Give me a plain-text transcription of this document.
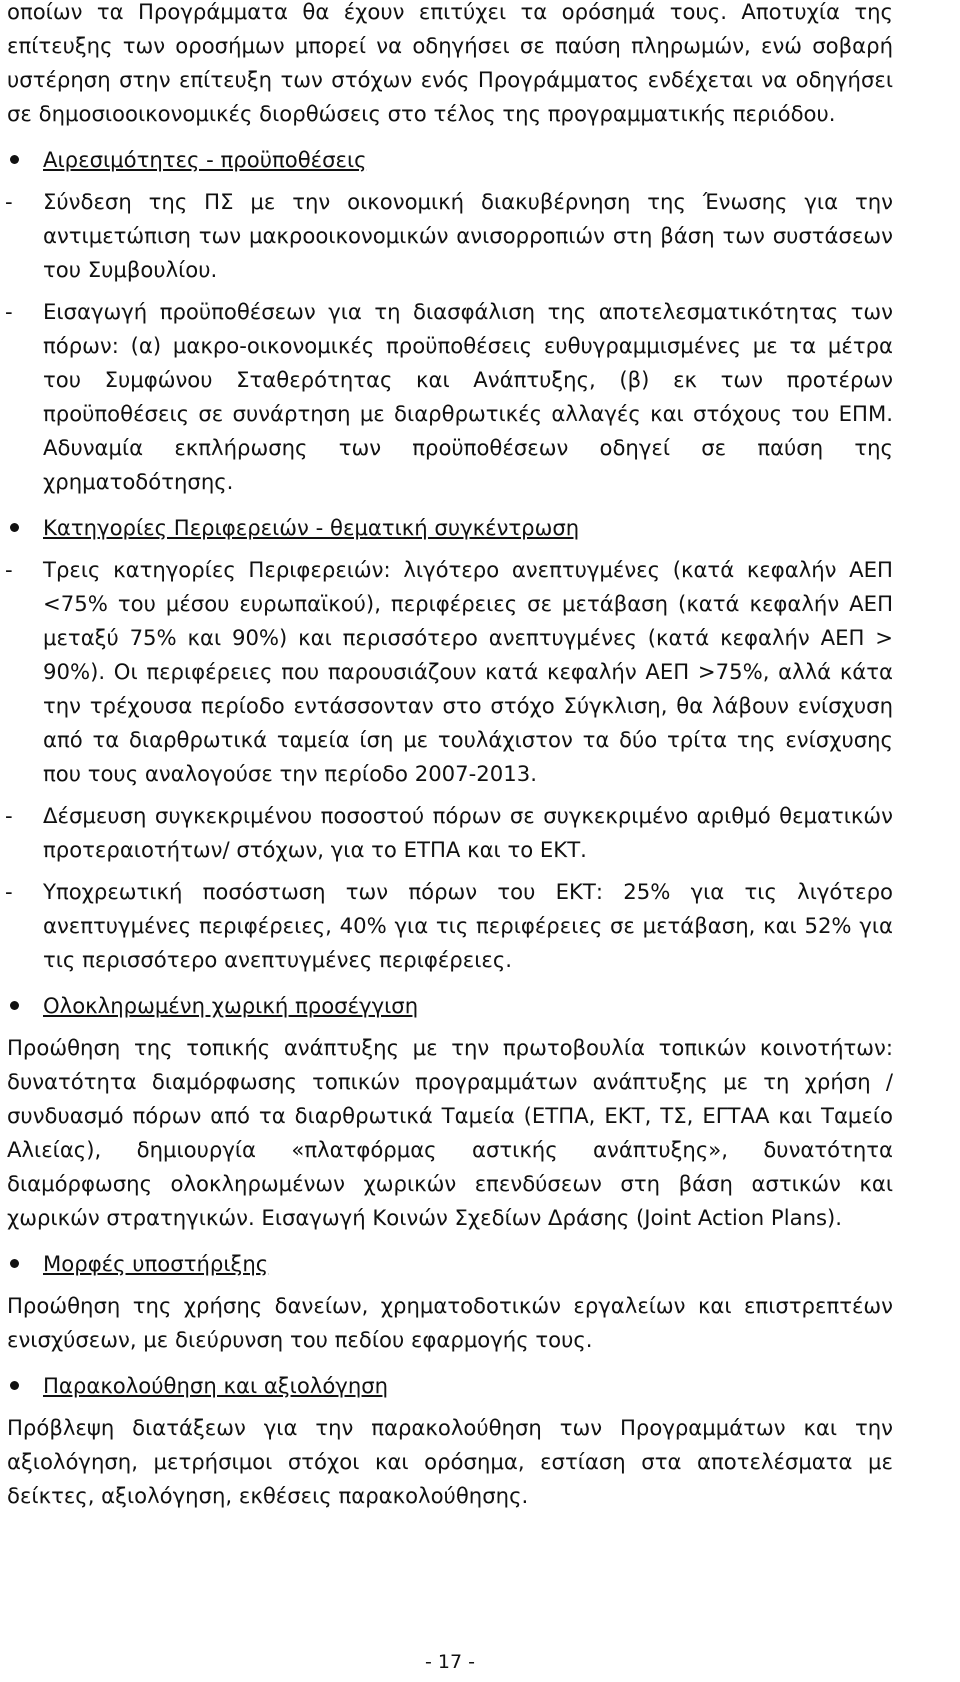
οποίων τα Προγράμματα θα έχουν επιτύχει τα ορόσημά τους. Αποτυχία της επίτευξης των οροσήμων μπορεί να οδηγήσει σε παύση πληρωμών, ενώ σοβαρή υστέρηση στην επίτευξη των στόχων ενός Προγράμματος ενδέχεται να οδηγήσει σε δημοσιοοικονομικές διορθώσεις στο τέλος της προγραμματικής περιόδου.
Αιρεσιμότητες - προϋποθέσεις
- Σύνδεση της ΠΣ με την οικονομική διακυβέρνηση της Ένωσης για την αντιμετώπιση των μακροοικονομικών ανισορροπιών στη βάση των συστάσεων του Συμβουλίου.
- Εισαγωγή προϋποθέσεων για τη διασφάλιση της αποτελεσματικότητας των πόρων: (α) μακρο-οικονομικές προϋποθέσεις ευθυγραμμισμένες με τα μέτρα του Συμφώνου Σταθερότητας και Ανάπτυξης, (β) εκ των προτέρων προϋποθέσεις σε συνάρτηση με διαρθρωτικές αλλαγές και στόχους του ΕΠΜ. Αδυναμία εκπλήρωσης των προϋποθέσεων οδηγεί σε παύση της χρηματοδότησης.
Κατηγορίες Περιφερειών - θεματική συγκέντρωση
- Τρεις κατηγορίες Περιφερειών: λιγότερο ανεπτυγμένες (κατά κεφαλήν ΑΕΠ <75% του μέσου ευρωπαϊκού), περιφέρειες σε μετάβαση (κατά κεφαλήν ΑΕΠ μεταξύ 75% και 90%) και περισσότερο ανεπτυγμένες (κατά κεφαλήν ΑΕΠ > 90%). Οι περιφέρειες που παρουσιάζουν κατά κεφαλήν ΑΕΠ >75%, αλλά κάτα την τρέχουσα περίοδο εντάσσονταν στο στόχο Σύγκλιση, θα λάβουν ενίσχυση από τα διαρθρωτικά ταμεία ίση με τουλάχιστον τα δύο τρίτα της ενίσχυσης που τους αναλογούσε την περίοδο 2007-2013.
- Δέσμευση συγκεκριμένου ποσοστού πόρων σε συγκεκριμένο αριθμό θεματικών προτεραιοτήτων/ στόχων, για το ΕΤΠΑ και το ΕΚΤ.
- Υποχρεωτική ποσόστωση των πόρων του ΕΚΤ: 25% για τις λιγότερο ανεπτυγμένες περιφέρειες, 40% για τις περιφέρειες σε μετάβαση, και 52% για τις περισσότερο ανεπτυγμένες περιφέρειες.
Ολοκληρωμένη χωρική προσέγγιση
Προώθηση της τοπικής ανάπτυξης με την πρωτοβουλία τοπικών κοινοτήτων: δυνατότητα διαμόρφωσης τοπικών προγραμμάτων ανάπτυξης με τη χρήση /συνδυασμό πόρων από τα διαρθρωτικά Ταμεία (ΕΤΠΑ, ΕΚΤ, ΤΣ, ΕΓΤΑΑ και Ταμείο Αλιείας), δημιουργία «πλατφόρμας αστικής ανάπτυξης», δυνατότητα διαμόρφωσης ολοκληρωμένων χωρικών επενδύσεων στη βάση αστικών και χωρικών στρατηγικών. Εισαγωγή Κοινών Σχεδίων Δράσης (Joint Action Plans).
Μορφές υποστήριξης
Προώθηση της χρήσης δανείων, χρηματοδοτικών εργαλείων και επιστρεπτέων ενισχύσεων, με διεύρυνση του πεδίου εφαρμογής τους.
Παρακολούθηση και αξιολόγηση
Πρόβλεψη διατάξεων για την παρακολούθηση των Προγραμμάτων και την αξιολόγηση, μετρήσιμοι στόχοι και ορόσημα, εστίαση στα αποτελέσματα με δείκτες, αξιολόγηση, εκθέσεις παρακολούθησης.
- 17 -
